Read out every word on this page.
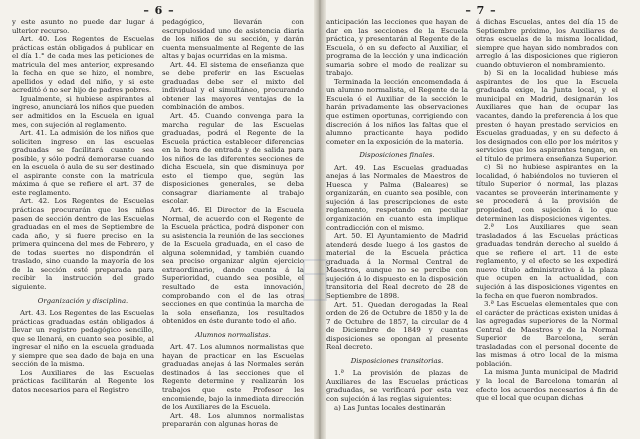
– 6 –

y este asunto no puede dar lugar á ulterior recurso.

Art. 40. Los Regentes de Escuelas prácticas están obligados á publicar en el día 1.° de cada mes las peticiones de matricula del mes anterior, expresando la fecha en que se hizo, el nombre, apellidos y edad del niño, y si este acreditó ó no ser hijo de padres pobres.

Igualmente, si hubiese aspirantes al ingreso, anunciará los niños que pueden ser admitidos en la Escuela en igual mes, con sujeción al reglamento.

Art. 41. La admisión de los niños que soliciten ingreso en las escuelas graduadas se facilitará cuanto sea posible, y sólo podrá demorarse cuando en la escuela ó aula de su ser destinado el aspirante conste con la matrícula máxima á que se refiere el art. 37 de este reglamento.

Art. 42. Los Regentes de Escuelas prácticas procurarán que los niños pasen de sección dentro de las Escuelas graduadas en el mes de Septiembre de cada año, y si fuere preciso en la primera quincena del mes de Febrero, y de todas suertes no dispondrán el traslado, sino cuando la mayoría de los de la sección esté preparada para recibir la instrucción del grado siguiente.

Organización y disciplina.

Art. 43. Los Regentes de las Escuelas prácticas graduadas están obligados á llevar un registro pedagógico sencillo, que se llenará, en cuanto sea posible, al ingresar el niño en la escuela graduada y siempre que sea dado de baja en una sección de la misma.

Los Auxiliares de las Escuelas prácticas facilitarán al Regente los datos necesarios para el Registro

pedagógico, llevarán con escrupulosidad uno de asistencia diaria de los niños de su sección, y darán cuenta mensualmente al Regente de las altas y bajas ocurridas en la misma.

Art. 44. El sistema de enseñanza que se debe preferir en las Escuelas graduadas debe ser el mixto del individual y el simultáneo, procurando obtener las mayores ventajas de la combinación de ambos.

Art. 45. Cuando convenga para la marcha regular de las Escuelas graduadas, podrá el Regente de la Escuela práctica establecer diferencias en la hora de entrada y de salida para los niños de las diferentes secciones de dicha Escuela, sin que disminuya por esto el tiempo que, según las disposiciones generales, se deba consagrar diariamente al trabajo escolar.

Art. 46. El Director de la Escuela Normal, de acuerdo con el Regente de la Escuela práctica, podrá disponer con su asistencia la reunión de las secciones de la Escuela graduada, en el caso de alguna solemnidad, y también cuando sea preciso organizar algún ejercicio extraordinario, dando cuenta á la Superioridad, cuando sea posible, el resultado de esta innovación, comprobando con el de las otras secciones en que continúa la marcha de la sola enseñanza, los resultados obtenidos en éste durante todo el año.

Alumnos normalistas.

Art. 47. Los alumnos normalistas que hayan de practicar en las Escuelas graduadas anejas á las Normales serán destinados á las secciones que el Regente determine y realizarán los trabajos que este Profesor les encomiende, bajo la inmediata dirección de los Auxiliares de la Escuela.

Art. 48. Los alumnos normalistas prepararán con algunas horas de

– 7 –

anticipación las lecciones que hayan de dar en las secciones de la Escuela práctica, y presentarán al Regente de la Escuela, ó en su defecto al Auxiliar, el programa de la lección y una indicación sumaria sobre el modo de realizar su trabajo.

Terminada la lección encomendada á un alumno normalista, el Regente de la Escuela ó el Auxiliar de la sección le harán privadamente las observaciones que estimen oportunas, corrigiendo con discreción á los niños las faltas que el alumno practicante haya podido cometer en la exposición de la materia.

Disposiciones finales.

Art. 49. Las Escuelas graduadas anejas á las Normales de Maestros de Huesca y Palma (Baleares) se organizarán, en cuanto sea posible, con sujeción á las prescripciones de este reglamento, respetando en peculiar organización en cuanto esta implique contradicción con el mismo.

Art. 50. El Ayuntamiento de Madrid atenderá desde luego á los gastos de material de la Escuela práctica graduada á la Normal Central de Maestros, aunque no se percibe con sujeción á lo dispuesto en la disposición transitoria del Real decreto de 28 de Septiembre de 1898.

Art. 51. Quedan derogadas la Real orden de 26 de Octubre de 1850 y la de 7 de Octubre de 1857, la circular de 4 de Diciembre de 1849 y cuantas disposiciones se opongan al presente Real decreto.

Disposiciones transitorias.

1.ª La provisión de plazas de Auxiliares de las Escuelas prácticas graduadas, se verificará por esta vez con sujeción á las reglas siguientes:

a) Las Juntas locales destinarán

á dichas Escuelas, antes del día 15 de Septiembre próximo, los Auxiliares de otras escuelas de la misma localidad, siempre que hayan sido nombrados con arreglo á las disposiciones que rigieron cuando obtuvieron el nombramiento.

b) Si en la localidad hubiese más aspirantes de los que la Escuela graduada exige, la Junta local, y el municipal en Madrid, designarán los Auxiliares que han de ocupar las vacantes, dando la preferencia á los que presten ó hayan prestado servicios en Escuelas graduadas, y en su defecto á los designados con ello por los méritos y servicios que los aspirantes tengan, en el título de primera enseñanza Superior.

c) Si no hubiese aspirantes en la localidad, ó habiéndolos no tuvieren el título Superior ó normal, las plazas vacantes se proveerán interinamente y se procederá á la provisión de propiedad, con sujeción á lo que determinen las disposiciones vigentes.

2.ª Los Auxiliares que sean trasladados á las Escuelas prácticas graduadas tendrán derecho al sueldo á que se refiere el art. 11 de este reglamento, y el efecto se les expedirá nuevo título administrativo á la plaza que ocupen en la actualidad, con sujeción á las disposiciones vigentes en la fecha en que fueron nombrados.

3.ª Las Escuelas elementales que con el carácter de prácticas existen unidas á las agregadas superiores de la Normal Central de Maestros y de la Normal Superior de Barcelona, serán trasladadas con el personal docente de las mismas á otro local de la misma población.

La misma Junta municipal de Madrid y la local de Barcelona tomarán al efecto los acuerdos necesarios á fin de que el local que ocupan dichas
